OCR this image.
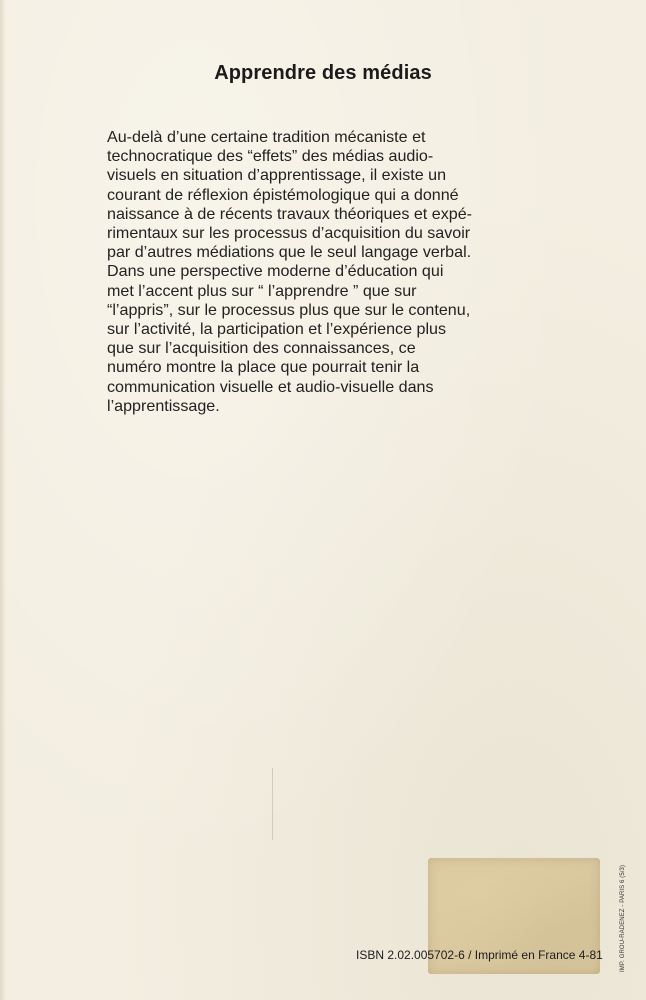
Apprendre des médias
Au-delà d’une certaine tradition mécaniste et
technocratique des “effets” des médias audio-
visuels en situation d’apprentissage, il existe un
courant de réflexion épistémologique qui a donné
naissance à de récents travaux théoriques et expé-
rimentaux sur les processus d’acquisition du savoir
par d’autres médiations que le seul langage verbal.
Dans une perspective moderne d’éducation qui
met l’accent plus sur “ l’apprendre ” que sur
“l’appris”, sur le processus plus que sur le contenu,
sur l’activité, la participation et l’expérience plus
que sur l’acquisition des connaissances, ce
numéro montre la place que pourrait tenir la
communication visuelle et audio-visuelle dans
l’apprentissage.
ISBN 2.02.005702-6 / Imprimé en France 4-81	IMP. GROU-RADENEZ - PARIS 6 (5/3)
